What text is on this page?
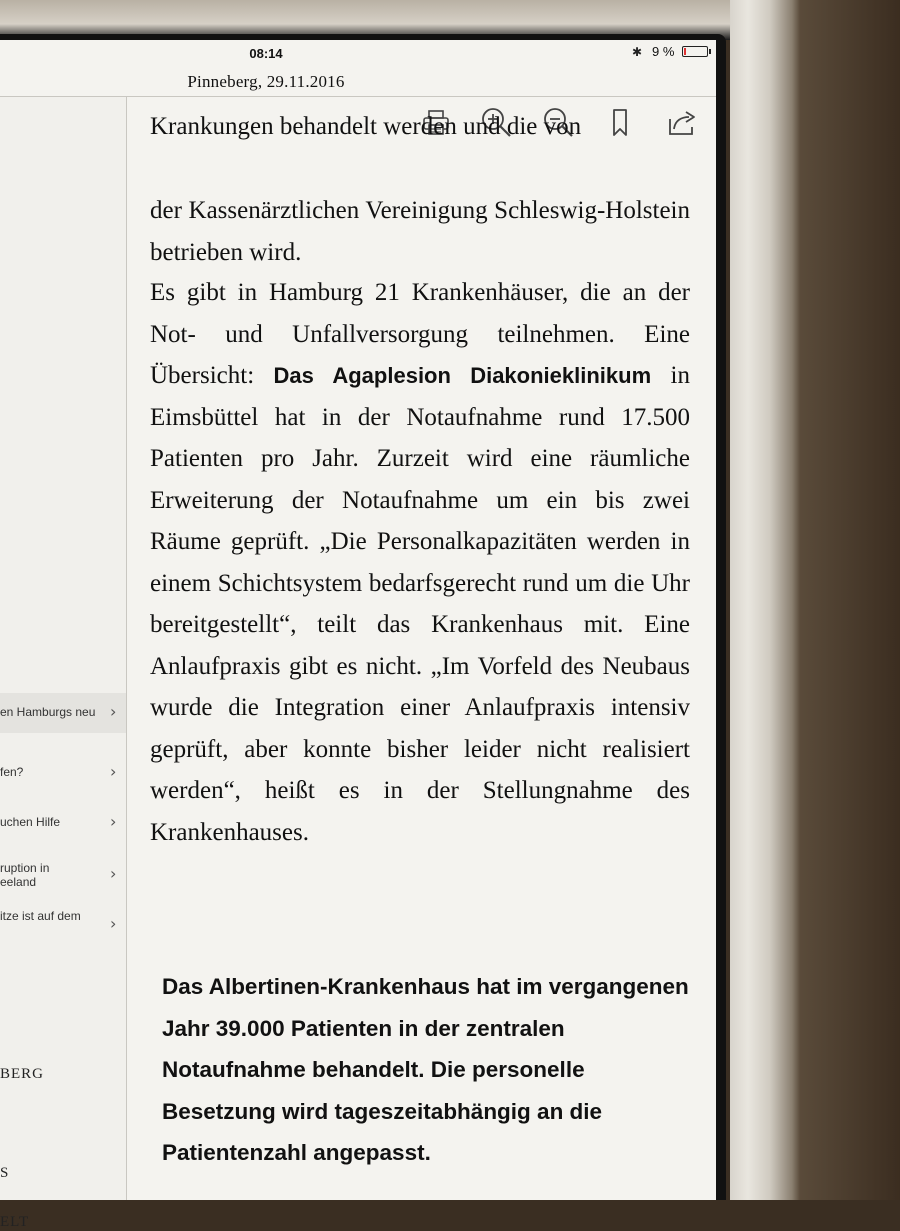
08:14	✱ 9 %
Pinneberg, 29.11.2016
en Hamburgs neu ›
fen?	›
uchen Hilfe	›
ruption in eeland	›
itze ist auf dem	›
BERG
S
ELT

Krankungen behandelt werden und die von

der Kassenärztlichen Vereinigung Schleswig-Holstein betrieben wird.

Es gibt in Hamburg 21 Krankenhäuser, die an der Not- und Unfallversorgung teilnehmen. Eine Übersicht: Das Agaplesion Diakonieklinikum in Eimsbüttel hat in der Notaufnahme rund 17.500 Patienten pro Jahr. Zurzeit wird eine räumliche Erweiterung der Notaufnahme um ein bis zwei Räume geprüft. „Die Personalkapazitäten werden in einem Schichtsystem bedarfsgerecht rund um die Uhr bereitgestellt“, teilt das Krankenhaus mit. Eine Anlaufpraxis gibt es nicht. „Im Vorfeld des Neubaus wurde die Integration einer Anlaufpraxis intensiv geprüft, aber konnte bisher leider nicht realisiert werden“, heißt es in der Stellungnahme des Krankenhauses.

Das Albertinen-Krankenhaus hat im vergangenen Jahr 39.000 Patienten in der zentralen Notaufnahme behandelt. Die personelle Besetzung wird tageszeitabhängig an die Patientenzahl angepasst.
